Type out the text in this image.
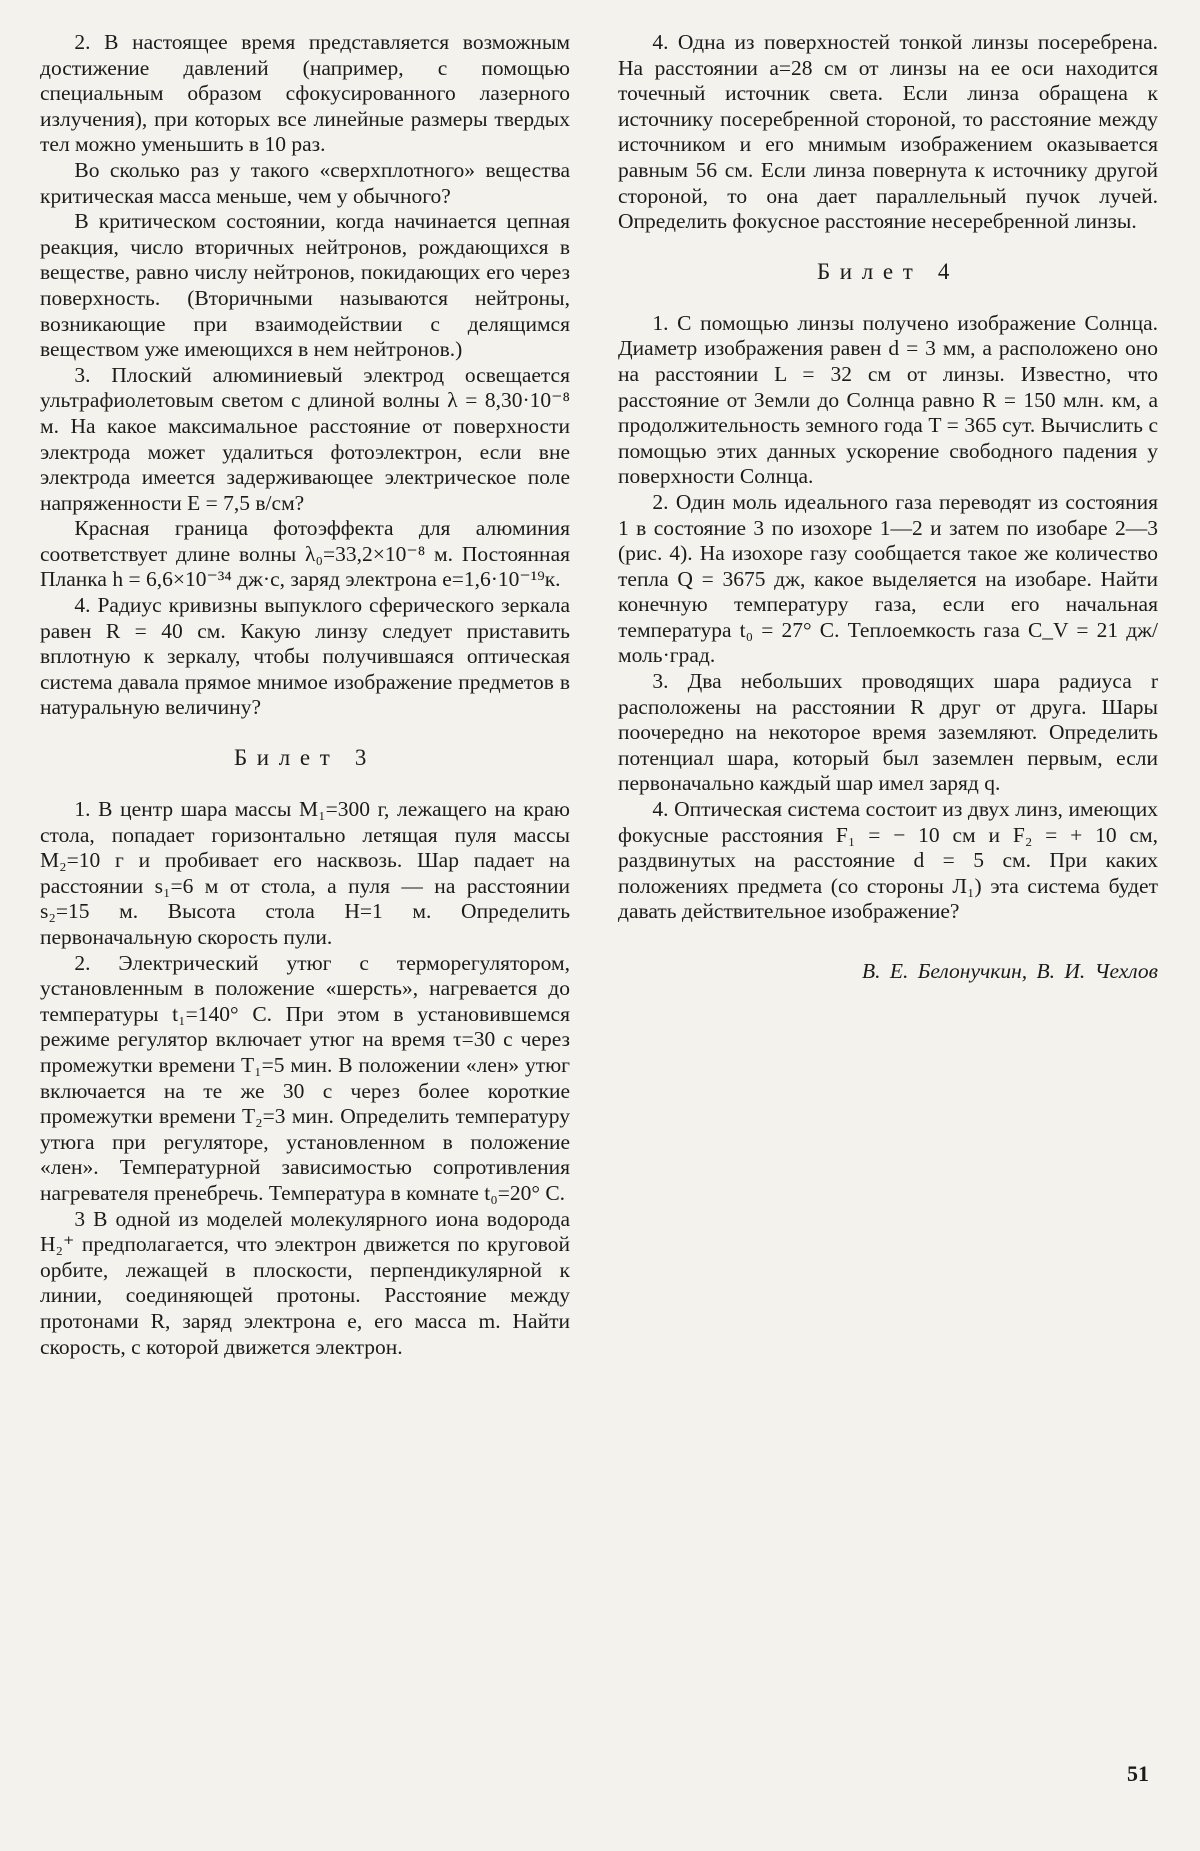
2. В настоящее время представляется возможным достижение давлений (например, с помощью специальным образом сфокусированного лазерного излучения), при которых все линейные размеры твердых тел можно уменьшить в 10 раз.

Во сколько раз у такого «сверхплотного» вещества критическая масса меньше, чем у обычного?

В критическом состоянии, когда начинается цепная реакция, число вторичных нейтронов, рождающихся в веществе, равно числу нейтронов, покидающих его через поверхность. (Вторичными называются нейтроны, возникающие при взаимодействии с делящимся веществом уже имеющихся в нем нейтронов.)

3. Плоский алюминиевый электрод освещается ультрафиолетовым светом с длиной волны λ = 8,30·10⁻⁸ м. На какое максимальное расстояние от поверхности электрода может удалиться фотоэлектрон, если вне электрода имеется задерживающее электрическое поле напряженности E = 7,5 в/см?

Красная граница фотоэффекта для алюминия соответствует длине волны λ₀=33,2×10⁻⁸ м. Постоянная Планка h = 6,6×10⁻³⁴ дж·с, заряд электрона e=1,6·10⁻¹⁹к.

4. Радиус кривизны выпуклого сферического зеркала равен R = 40 см. Какую линзу следует приставить вплотную к зеркалу, чтобы получившаяся оптическая система давала прямое мнимое изображение предметов в натуральную величину?

Билет 3

1. В центр шара массы M₁=300 г, лежащего на краю стола, попадает горизонтально летящая пуля массы M₂=10 г и пробивает его насквозь. Шар падает на расстоянии s₁=6 м от стола, а пуля — на расстоянии s₂=15 м. Высота стола H=1 м. Определить первоначальную скорость пули.

2. Электрический утюг с терморегулятором, установленным в положение «шерсть», нагревается до температуры t₁=140° С. При этом в установившемся режиме регулятор включает утюг на время τ=30 с через промежутки времени T₁=5 мин. В положении «лен» утюг включается на те же 30 с через более короткие промежутки времени T₂=3 мин. Определить температуру утюга при регуляторе, установленном в положение «лен». Температурной зависимостью сопротивления нагревателя пренебречь. Температура в комнате t₀=20° С.

3 В одной из моделей молекулярного иона водорода H₂⁺ предполагается, что электрон движется по круговой орбите, лежащей в плоскости, перпендикулярной к линии, соединяющей протоны. Расстояние между протонами R, заряд электрона e, его масса m. Найти скорость, с которой движется электрон.

4. Одна из поверхностей тонкой линзы посеребрена. На расстоянии a=28 см от линзы на ее оси находится точечный источник света. Если линза обращена к источнику посеребренной стороной, то расстояние между источником и его мнимым изображением оказывается равным 56 см. Если линза повернута к источнику другой стороной, то она дает параллельный пучок лучей. Определить фокусное расстояние несеребренной линзы.

Билет 4

1. С помощью линзы получено изображение Солнца. Диаметр изображения равен d = 3 мм, а расположено оно на расстоянии L = 32 см от линзы. Известно, что расстояние от Земли до Солнца равно R = 150 млн. км, а продолжительность земного года T = 365 сут. Вычислить с помощью этих данных ускорение свободного падения у поверхности Солнца.

2. Один моль идеального газа переводят из состояния 1 в состояние 3 по изохоре 1—2 и затем по изобаре 2—3 (рис. 4). На изохоре газу сообщается такое же количество тепла Q = 3675 дж, какое выделяется на изобаре. Найти конечную температуру газа, если его начальная температура t₀ = 27° С. Теплоемкость газа C_V = 21 дж/моль·град.

3. Два небольших проводящих шара радиуса r расположены на расстоянии R друг от друга. Шары поочередно на некоторое время заземляют. Определить потенциал шара, который был заземлен первым, если первоначально каждый шар имел заряд q.

4. Оптическая система состоит из двух линз, имеющих фокусные расстояния F₁ = − 10 см и F₂ = + 10 см, раздвинутых на расстояние d = 5 см. При каких положениях предмета (со стороны Л₁) эта система будет давать действительное изображение?

В. Е. Белонучкин, В. И. Чехлов
51
